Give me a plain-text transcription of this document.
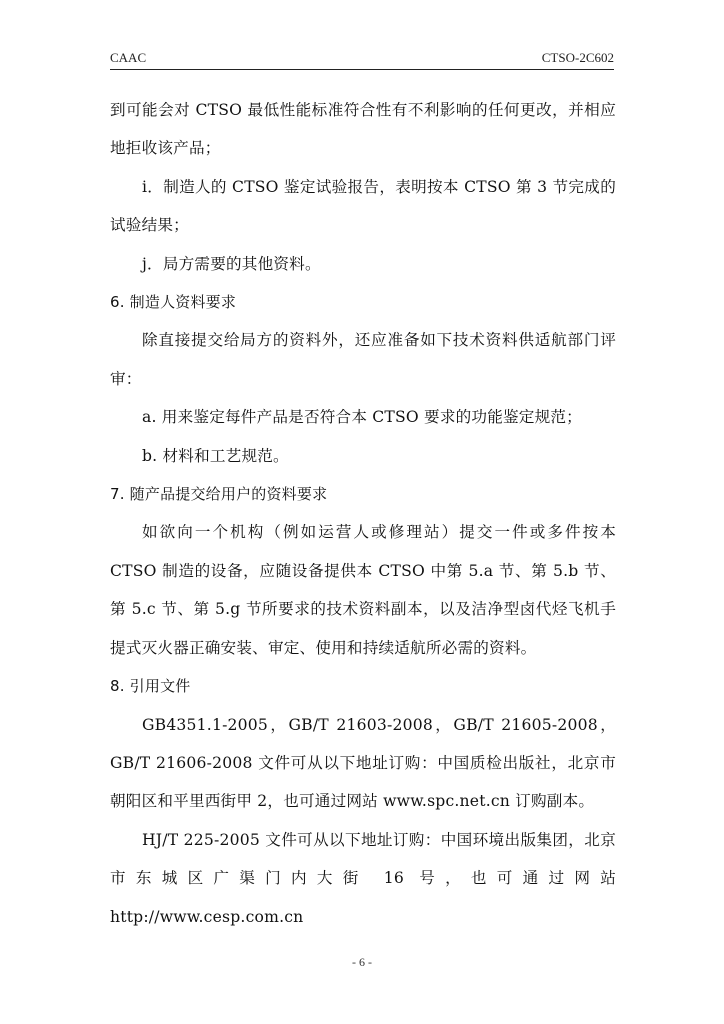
CAAC	CTSO-2C602

到可能会对 CTSO 最低性能标准符合性有不利影响的任何更改，并相应地拒收该产品；

i．制造人的 CTSO 鉴定试验报告，表明按本 CTSO 第 3 节完成的试验结果；

j．局方需要的其他资料。

6. 制造人资料要求

除直接提交给局方的资料外，还应准备如下技术资料供适航部门评审：

a. 用来鉴定每件产品是否符合本 CTSO 要求的功能鉴定规范；

b. 材料和工艺规范。

7. 随产品提交给用户的资料要求

如欲向一个机构（例如运营人或修理站）提交一件或多件按本 CTSO 制造的设备，应随设备提供本 CTSO 中第 5.a 节、第 5.b 节、第 5.c 节、第 5.g 节所要求的技术资料副本，以及洁净型卤代烃飞机手提式灭火器正确安装、审定、使用和持续适航所必需的资料。

8. 引用文件

GB4351.1-2005，GB/T 21603-2008，GB/T 21605-2008，GB/T 21606-2008 文件可从以下地址订购：中国质检出版社，北京市朝阳区和平里西街甲 2，也可通过网站 www.spc.net.cn 订购副本。

HJ/T 225-2005 文件可从以下地址订购：中国环境出版集团，北京市东城区广渠门内大街 16 号，也可通过网站 http://www.cesp.com.cn

- 6 -
